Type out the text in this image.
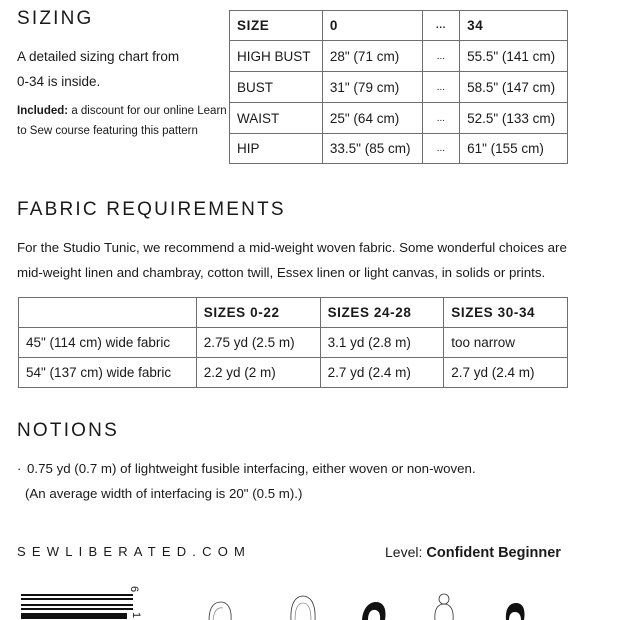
SIZING
A detailed sizing chart from
0-34 is inside.
Included: a discount for our online Learn
to Sew course featuring this pattern
SIZE	0	...	34
HIGH BUST	28" (71 cm)	...	55.5" (141 cm)
BUST	31" (79 cm)	...	58.5" (147 cm)
WAIST	25" (64 cm)	...	52.5" (133 cm)
HIP	33.5" (85 cm)	...	61" (155 cm)
FABRIC REQUIREMENTS
For the Studio Tunic, we recommend a mid-weight woven fabric. Some wonderful choices are
mid-weight linen and chambray, cotton twill, Essex linen or light canvas, in solids or prints.
	SIZES 0-22	SIZES 24-28	SIZES 30-34
45" (114 cm) wide fabric	2.75 yd (2.5 m)	3.1 yd (2.8 m)	too narrow
54" (137 cm) wide fabric	2.2 yd (2 m)	2.7 yd (2.4 m)	2.7 yd (2.4 m)
NOTIONS
· 0.75 yd (0.7 m) of lightweight fusible interfacing, either woven or non-woven.
(An average width of interfacing is 20" (0.5 m).)
SEWLIBERATED.COM	Level: Confident Beginner
6
1
